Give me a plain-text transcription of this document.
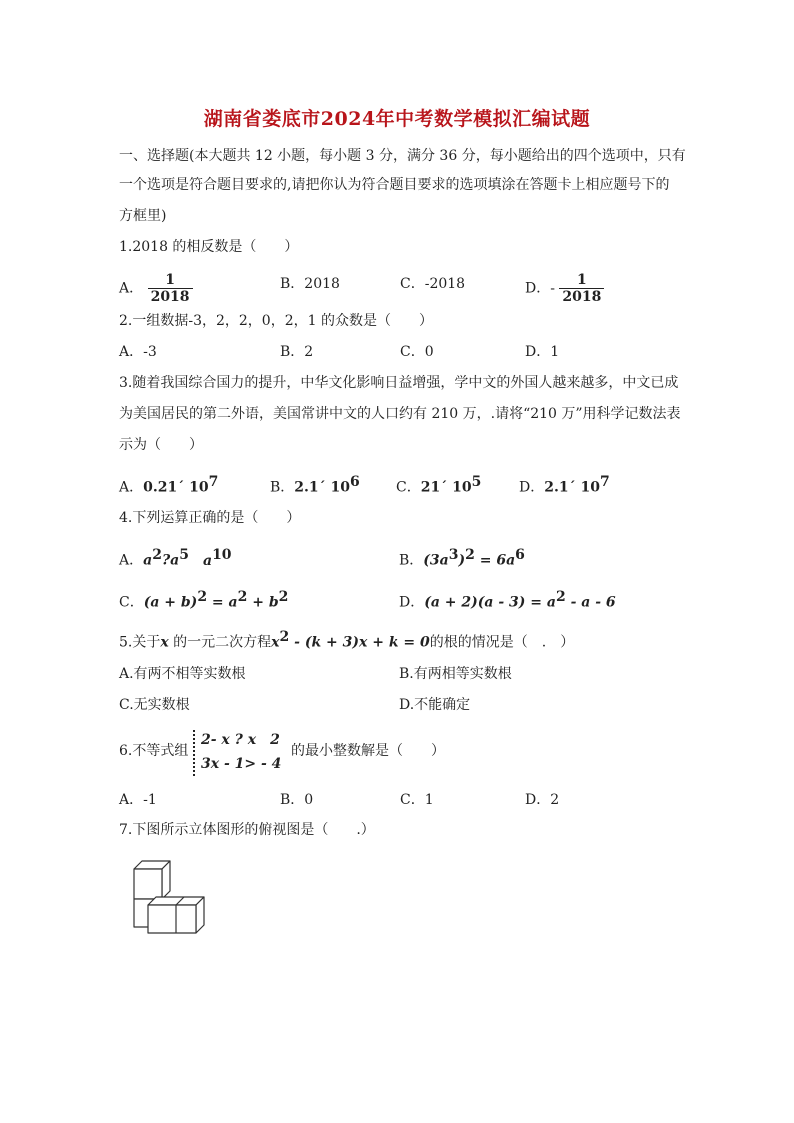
湖南省娄底市2024年中考数学模拟汇编试题
一、选择题(本大题共 12 小题，每小题 3 分，满分 36 分，每小题给出的四个选项中，只有
一个选项是符合题目要求的,请把你认为符合题目要求的选项填涂在答题卡上相应题号下的
方框里)
1.2018 的相反数是（　　）
A． $\frac{1}{2018}$	B．2018	C．-2018	D．- $\frac{1}{2018}$
2.一组数据-3，2，2，0，2，1 的众数是（　　）
A．-3	B．2	C．0	D．1
3.随着我国综合国力的提升，中华文化影响日益增强，学中文的外国人越来越多，中文已成
为美国居民的第二外语，美国常讲中文的人口约有 210 万，.请将“210 万”用科学记数法表
示为（　　）
A．0.21´ $10^7$	B．2.1´ $10^6$	C．21´ $10^5$	D．2.1´ $10^7$
4.下列运算正确的是（　　）
A．$a^2?a^5$ $a^{10}$	B．$(3a^3)^2 = 6a^6$
C．$(a + b)^2 = a^2 + b^2$	D．$(a + 2)(a - 3) = a^2 - a - 6$
5.关于x 的一元二次方程$x^2 - (k + 3)x + k = 0$的根的情况是（　.　）
A.有两不相等实数根	B.有两相等实数根
C.无实数根	D.不能确定
6.不等式组
2- x ? x　2
3x - 1> - 4
的最小整数解是（　　）
A．-1	B．0	C．1	D．2
7.下图所示立体图形的俯视图是（　　.）
